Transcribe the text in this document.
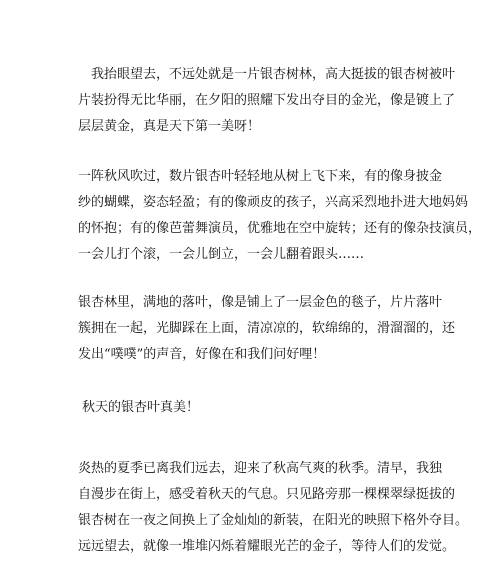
　我抬眼望去，不远处就是一片银杏树林，高大挺拔的银杏树被叶
片装扮得无比华丽，在夕阳的照耀下发出夺目的金光，像是镀上了
层层黄金，真是天下第一美呀！
一阵秋风吹过，数片银杏叶轻轻地从树上飞下来，有的像身披金
纱的蝴蝶，姿态轻盈；有的像顽皮的孩子，兴高采烈地扑进大地妈妈
的怀抱；有的像芭蕾舞演员，优雅地在空中旋转；还有的像杂技演员，
一会儿打个滚，一会儿倒立，一会儿翻着跟头……
银杏林里，满地的落叶，像是铺上了一层金色的毯子，片片落叶
簇拥在一起，光脚踩在上面，清凉凉的，软绵绵的，滑溜溜的，还
发出“噗噗”的声音，好像在和我们问好哩！
秋天的银杏叶真美！
炎热的夏季已离我们远去，迎来了秋高气爽的秋季。清早，我独
自漫步在街上，感受着秋天的气息。只见路旁那一棵棵翠绿挺拔的
银杏树在一夜之间换上了金灿灿的新装，在阳光的映照下格外夺目。
远远望去，就像一堆堆闪烁着耀眼光芒的金子，等待人们的发觉。
